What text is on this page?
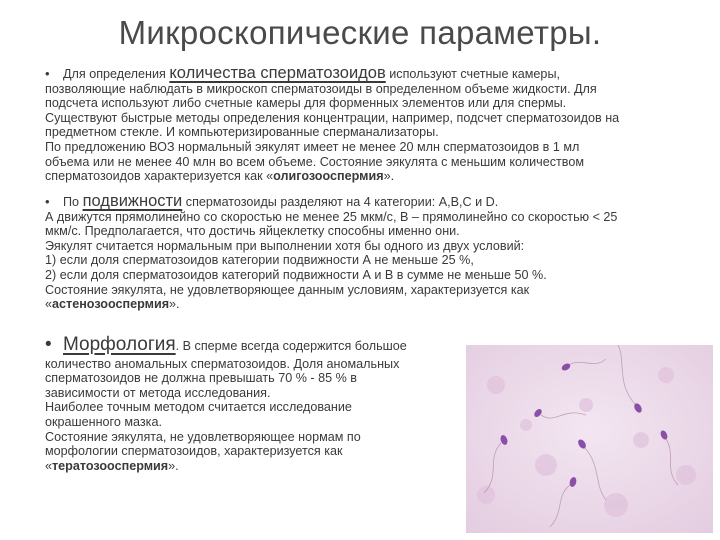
Микроскопические параметры.

• Для определения количества сперматозоидов используют счетные камеры,

позволяющие наблюдать в микроскоп сперматозоиды в определенном объеме жидкости. Для

подсчета используют либо счетные камеры для форменных элементов или для спермы.

Существуют быстрые методы определения концентрации, например, подсчет сперматозоидов на

предметном стекле. И компьютеризированные спермaнализаторы.

По предложению ВОЗ нормальный эякулят имеет не менее 20 млн сперматозоидов в 1 мл

объема или не менее 40 млн во всем объеме. Состояние эякулята с меньшим количеством

сперматозоидов характеризуется как «олигозооспермия».

• По подвижности сперматозоиды разделяют на 4 категории: A,B,C и D.

А движутся прямолинейно со скоростью не менее 25 мкм/с, В – прямолинейно со скоростью < 25

мкм/с. Предполагается, что достичь яйцеклетку способны именно они.

Эякулят считается нормальным при выполнении хотя бы одного из двух условий:

1) если доля сперматозоидов категории подвижности А не меньше 25 %,

2) если доля сперматозоидов категорий подвижности А и В в сумме не меньше 50 %.

Состояние эякулята, не удовлетворяющее данным условиям, характеризуется как

«астенозооспермия».

• Морфология. В сперме всегда содержится большое

количество аномальных сперматозоидов. Доля аномальных

сперматозоидов не должна превышать 70 % - 85 % в

зависимости от метода исследования.

Наиболее точным методом считается исследование

окрашенного мазка.

Состояние эякулята, не удовлетворяющее нормам по

морфологии сперматозоидов, характеризуется как

«тератозооспермия».
